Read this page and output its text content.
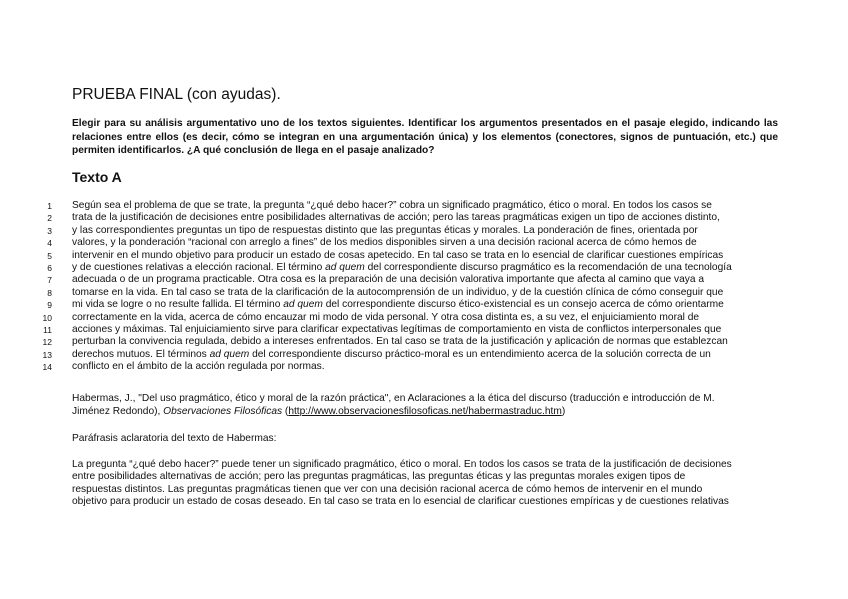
PRUEBA FINAL (con ayudas).

Elegir para su análisis argumentativo uno de los textos siguientes. Identificar los argumentos presentados en el pasaje elegido, indicando las relaciones entre ellos (es decir, cómo se integran en una argumentación única) y los elementos (conectores, signos de puntuación, etc.) que permiten identificarlos. ¿A qué conclusión de llega en el pasaje analizado?

Texto A
1 Según sea el problema de que se trate, la pregunta “¿qué debo hacer?” cobra un significado pragmático, ético o moral. En todos los casos se
2 trata de la justificación de decisiones entre posibilidades alternativas de acción; pero las tareas pragmáticas exigen un tipo de acciones distinto,
3 y las correspondientes preguntas un tipo de respuestas distinto que las preguntas éticas y morales. La ponderación de fines, orientada por
4 valores, y la ponderación “racional con arreglo a fines” de los medios disponibles sirven a una decisión racional acerca de cómo hemos de
5 intervenir en el mundo objetivo para producir un estado de cosas apetecido. En tal caso se trata en lo esencial de clarificar cuestiones empíricas
6 y de cuestiones relativas a elección racional. El término ad quem del correspondiente discurso pragmático es la recomendación de una tecnología
7 adecuada o de un programa practicable. Otra cosa es la preparación de una decisión valorativa importante que afecta al camino que vaya a
8 tomarse en la vida. En tal caso se trata de la clarificación de la autocomprensión de un individuo, y de la cuestión clínica de cómo conseguir que
9 mi vida se logre o no resulte fallida. El término ad quem del correspondiente discurso ético-existencial es un consejo acerca de cómo orientarme
10 correctamente en la vida, acerca de cómo encauzar mi modo de vida personal. Y otra cosa distinta es, a su vez, el enjuiciamiento moral de
11 acciones y máximas. Tal enjuiciamiento sirve para clarificar expectativas legítimas de comportamiento en vista de conflictos interpersonales que
12 perturban la convivencia regulada, debido a intereses enfrentados. En tal caso se trata de la justificación y aplicación de normas que establezcan
13 derechos mutuos. El términos ad quem del correspondiente discurso práctico-moral es un entendimiento acerca de la solución correcta de un
14 conflicto en el ámbito de la acción regulada por normas.

Habermas, J., "Del uso pragmático, ético y moral de la razón práctica", en Aclaraciones a la ética del discurso (traducción e introducción de M.
Jiménez Redondo), Observaciones Filosóficas (http://www.observacionesfilosoficas.net/habermastraduc.htm)

Paráfrasis aclaratoria del texto de Habermas:

La pregunta “¿qué debo hacer?” puede tener un significado pragmático, ético o moral. En todos los casos se trata de la justificación de decisiones
entre posibilidades alternativas de acción; pero las preguntas pragmáticas, las preguntas éticas y las preguntas morales exigen tipos de
respuestas distintos. Las preguntas pragmáticas tienen que ver con una decisión racional acerca de cómo hemos de intervenir en el mundo
objetivo para producir un estado de cosas deseado. En tal caso se trata en lo esencial de clarificar cuestiones empíricas y de cuestiones relativas
